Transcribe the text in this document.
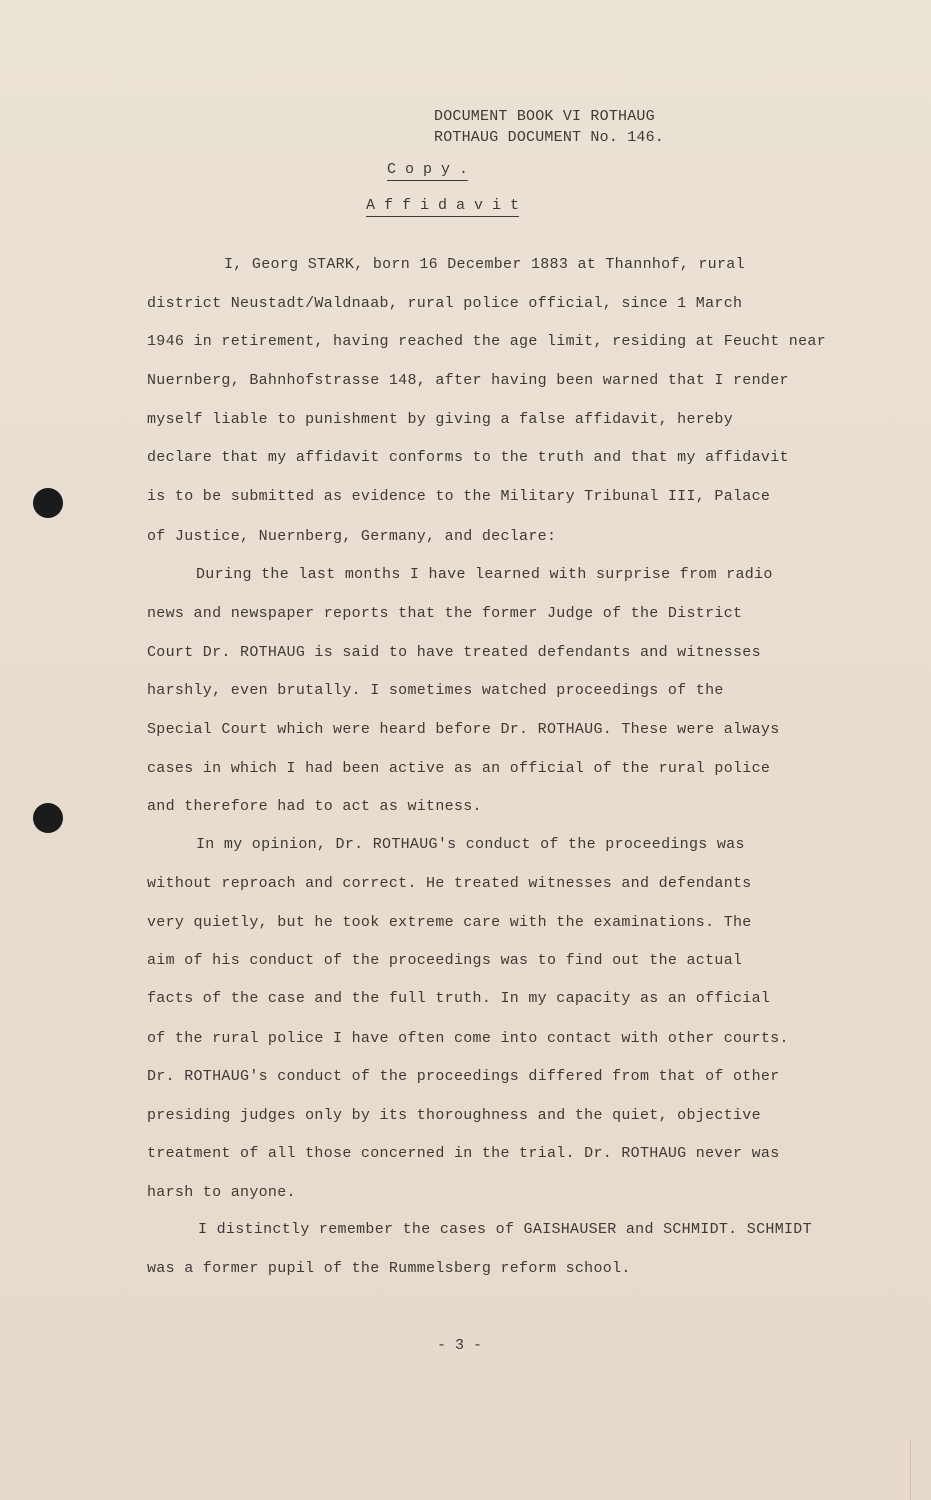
DOCUMENT BOOK VI ROTHAUG
ROTHAUG DOCUMENT No. 146.
C o p y .
A f f i d a v i t
I, Georg STARK, born 16 December 1883 at Thannhof, rural
district Neustadt/Waldnaab, rural police official, since 1 March
1946 in retirement, having reached the age limit, residing at Feucht near
Nuernberg, Bahnhofstrasse 148, after having been warned that I render
myself liable to punishment by giving a false affidavit, hereby
declare that my affidavit conforms to the truth and that my affidavit
is to be submitted as evidence to the Military Tribunal III, Palace
of Justice, Nuernberg, Germany, and declare:
During the last months I have learned with surprise from radio
news and newspaper reports that the former Judge of the District
Court Dr. ROTHAUG is said to have treated defendants and witnesses
harshly, even brutally. I sometimes watched proceedings of the
Special Court which were heard before Dr. ROTHAUG. These were always
cases in which I had been active as an official of the rural police
and therefore had to act as witness.
In my opinion, Dr. ROTHAUG's conduct of the proceedings was
without reproach and correct. He treated witnesses and defendants
very quietly, but he took extreme care with the examinations. The
aim of his conduct of the proceedings was to find out the actual
facts of the case and the full truth. In my capacity as an official
of the rural police I have often come into contact with other courts.
Dr. ROTHAUG's conduct of the proceedings differed from that of other
presiding judges only by its thoroughness and the quiet, objective
treatment of all those concerned in the trial. Dr. ROTHAUG never was
harsh to anyone.
I distinctly remember the cases of GAISHAUSER and SCHMIDT. SCHMIDT
was a former pupil of the Rummelsberg reform school.
- 3 -
